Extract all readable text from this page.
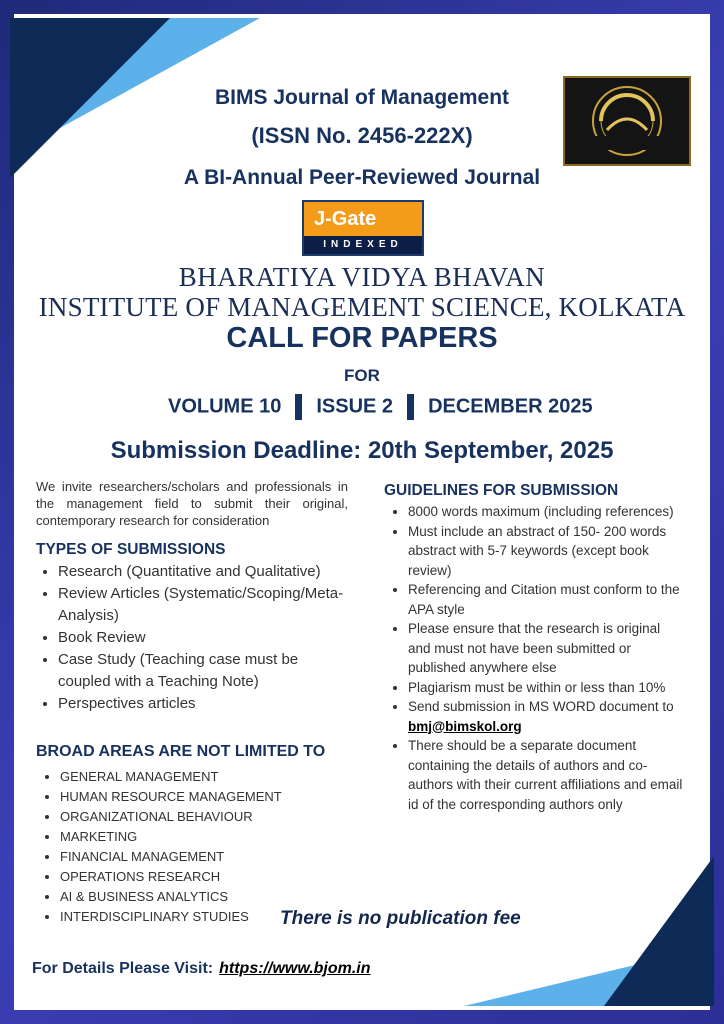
BIMS Journal of Management
(ISSN No. 2456-222X)
A BI-Annual Peer-Reviewed Journal
J-Gate
INDEXED
BHARATIYA VIDYA BHAVAN
INSTITUTE OF MANAGEMENT SCIENCE, KOLKATA
CALL FOR PAPERS
FOR
VOLUME 10 ISSUE 2 DECEMBER 2025
Submission Deadline: 20th September, 2025

We invite researchers/scholars and professionals in the management field to submit their original, contemporary research for consideration

TYPES OF SUBMISSIONS
• Research (Quantitative and Qualitative)
• Review Articles (Systematic/Scoping/Meta-Analysis)
• Book Review
• Case Study (Teaching case must be coupled with a Teaching Note)
• Perspectives articles
BROAD AREAS ARE NOT LIMITED TO
• GENERAL MANAGEMENT
• HUMAN RESOURCE MANAGEMENT
• ORGANIZATIONAL BEHAVIOUR
• MARKETING
• FINANCIAL MANAGEMENT
• OPERATIONS RESEARCH
• AI & BUSINESS ANALYTICS
• INTERDISCIPLINARY STUDIES
GUIDELINES FOR SUBMISSION
• 8000 words maximum (including references)
• Must include an abstract of 150- 200 words abstract with 5-7 keywords (except book review)
• Referencing and Citation must conform to the APA style
• Please ensure that the research is original and must not have been submitted or published anywhere else
• Plagiarism must be within or less than 10%
• Send submission in MS WORD document to bmj@bimskol.org
• There should be a separate document containing the details of authors and co-authors with their current affiliations and email id of the corresponding authors only
There is no publication fee
For Details Please Visit: https://www.bjom.in
